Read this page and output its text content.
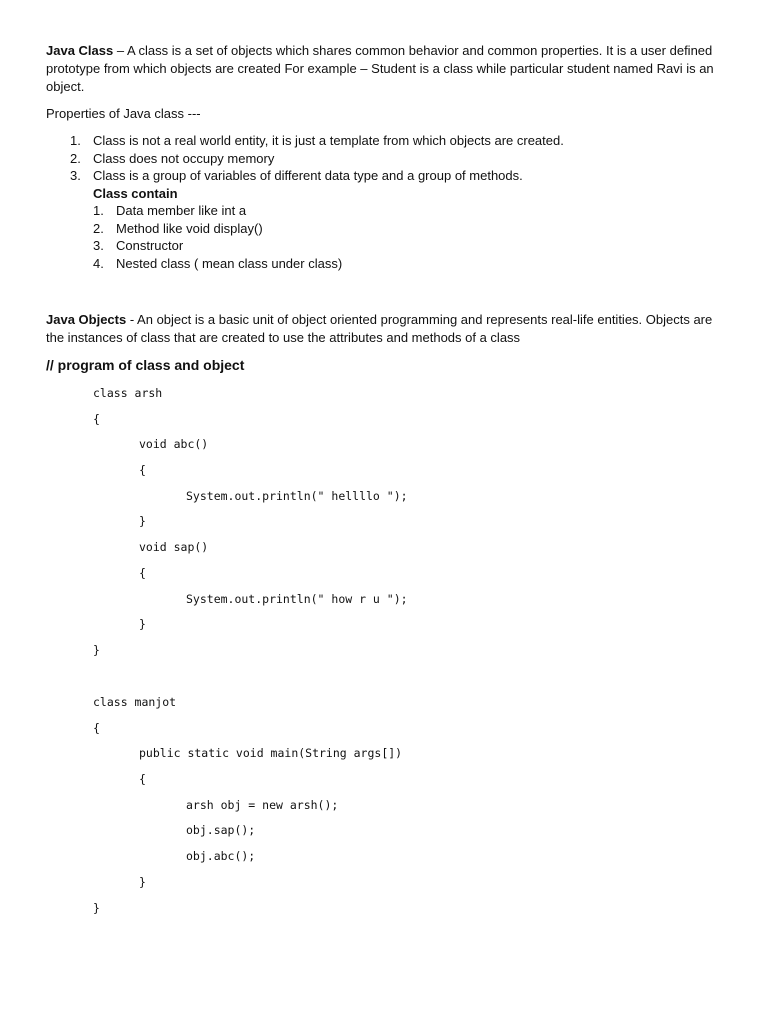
Java Class – A class is a set of objects which shares common behavior and common properties. It is a user defined prototype from which objects are created For example – Student is a class while particular student named Ravi is an object.

Properties of Java class ---

1. Class is not a real world entity, it is just a template from which objects are created.
2. Class does not occupy memory
3. Class is a group of variables of different data type and a group of methods.

Class contain

1. Data member like int a
2. Method like void display()
3. Constructor
4. Nested class ( mean class under class)

Java Objects - An object is a basic unit of object oriented programming and represents real-life entities. Objects are the instances of class that are created to use the attributes and methods of a class

// program of class and object

class arsh
{
void abc()
{
System.out.println(" hellllo ");
}
void sap()
{
System.out.println(" how r u ");
}
}
class manjot
{
public static void main(String args[])
{
arsh obj = new arsh();
obj.sap();
obj.abc();
}
}
